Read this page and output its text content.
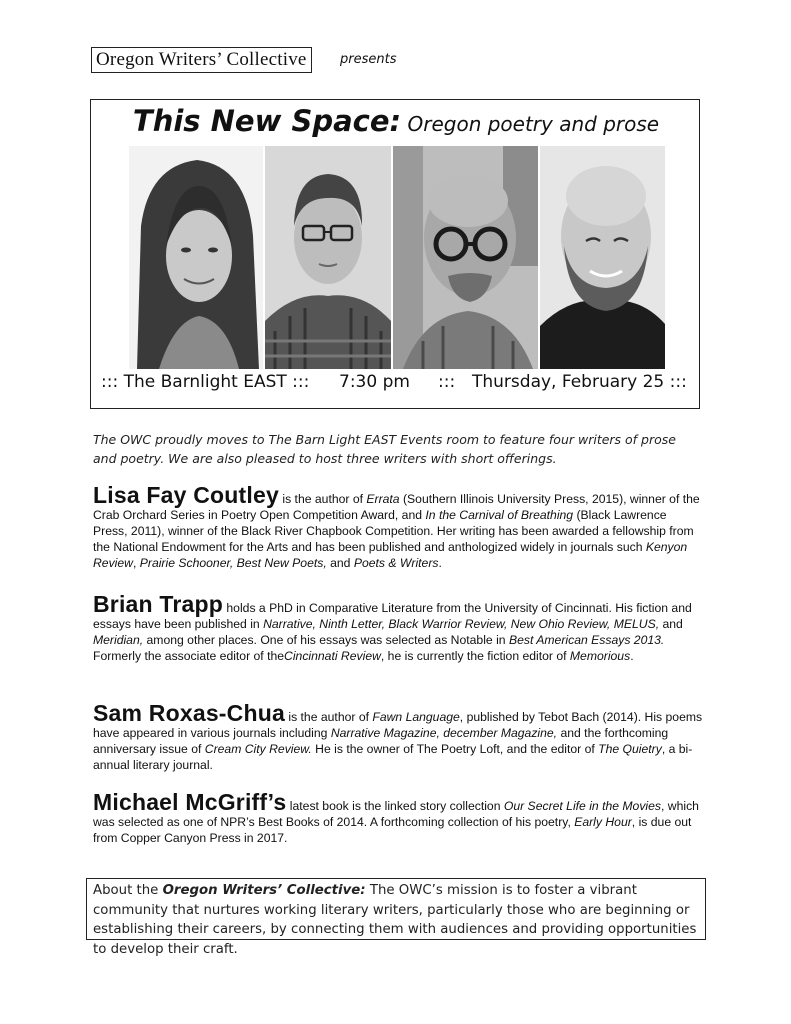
Oregon Writers’ Collective	presents
This New Space: Oregon poetry and prose
::: The Barnlight EAST ::: 7:30 pm ::: Thursday, February 25 :::
The OWC proudly moves to The Barn Light EAST Events room to feature four writers of prose and poetry. We are also pleased to host three writers with short offerings.
Lisa Fay Coutley is the author of Errata (Southern Illinois University Press, 2015), winner of the Crab Orchard Series in Poetry Open Competition Award, and In the Carnival of Breathing (Black Lawrence Press, 2011), winner of the Black River Chapbook Competition. Her writing has been awarded a fellowship from the National Endowment for the Arts and has been published and anthologized widely in journals such Kenyon Review, Prairie Schooner, Best New Poets, and Poets & Writers.
Brian Trapp holds a PhD in Comparative Literature from the University of Cincinnati. His fiction and essays have been published in Narrative, Ninth Letter, Black Warrior Review, New Ohio Review, MELUS, and Meridian, among other places. One of his essays was selected as Notable in Best American Essays 2013. Formerly the associate editor of theCincinnati Review, he is currently the fiction editor of Memorious.
Sam Roxas-Chua is the author of Fawn Language, published by Tebot Bach (2014). His poems have appeared in various journals including Narrative Magazine, december Magazine, and the forthcoming anniversary issue of Cream City Review. He is the owner of The Poetry Loft, and the editor of The Quietry, a bi-annual literary journal.
Michael McGriff’s latest book is the linked story collection Our Secret Life in the Movies, which was selected as one of NPR’s Best Books of 2014. A forthcoming collection of his poetry, Early Hour, is due out from Copper Canyon Press in 2017.
About the Oregon Writers’ Collective: The OWC’s mission is to foster a vibrant community that nurtures working literary writers, particularly those who are beginning or establishing their careers, by connecting them with audiences and providing opportunities to develop their craft.
